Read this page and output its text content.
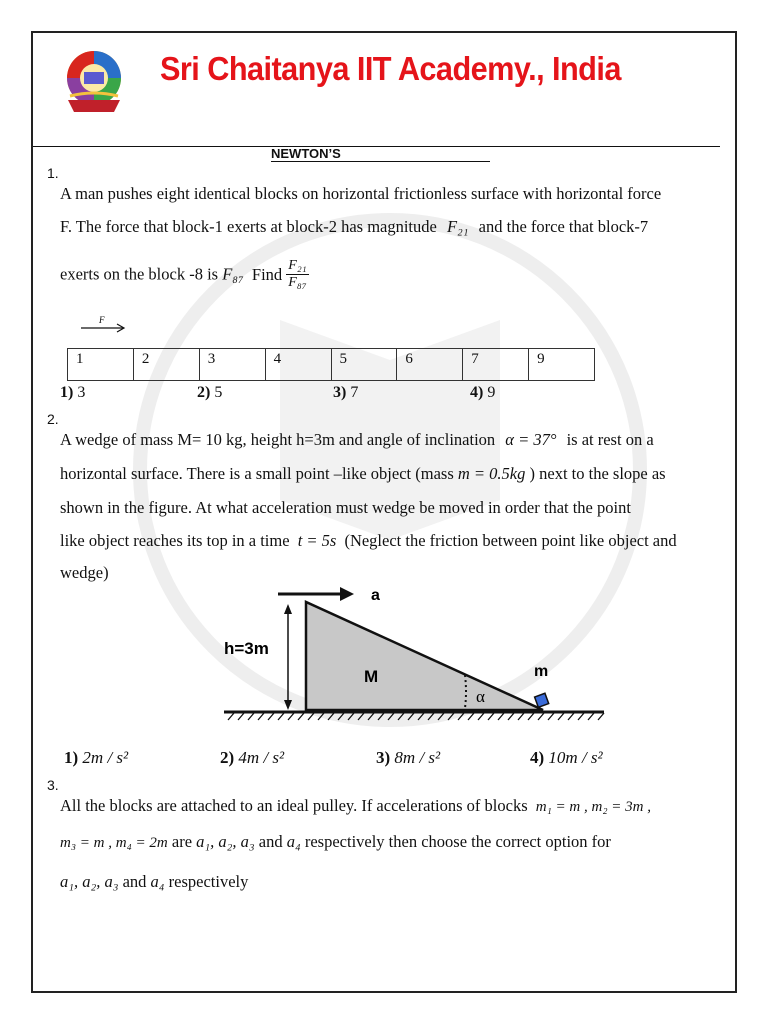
Sri Chaitanya IIT Academy., India
NEWTON’S
1.
A man pushes eight identical blocks on horizontal frictionless surface with horizontal force
F. The force that block-1 exerts at block-2 has magnitude F₂₁ and the force that block-7
exerts on the block -8 is F₈₇ Find $\frac{\text{F₂₁}}{\text{F₈₇}}$
F
1	2	3	4	5	6	7	9
1) 3	2) 5	3) 7	4) 9
2.
A wedge of mass M= 10 kg, height h=3m and angle of inclination α = 37° is at rest on a
horizontal surface. There is a small point –like object (mass m = 0.5kg ) next to the slope as
shown in the figure. At what acceleration must wedge be moved in order that the point
like object reaches its top in a time t = 5s (Neglect the friction between point like object and
wedge)
a
h=3m
M
α
m
1) 2m / s²	2) 4m / s²	3) 8m / s²	4) 10m / s²
3.
All the blocks are attached to an ideal pulley. If accelerations of blocks m₁ = m , m₂ = 3m ,
m₃ = m , m₄ = 2m are a₁, a₂, a₃ and a₄ respectively then choose the correct option for
a₁, a₂, a₃ and a₄ respectively
